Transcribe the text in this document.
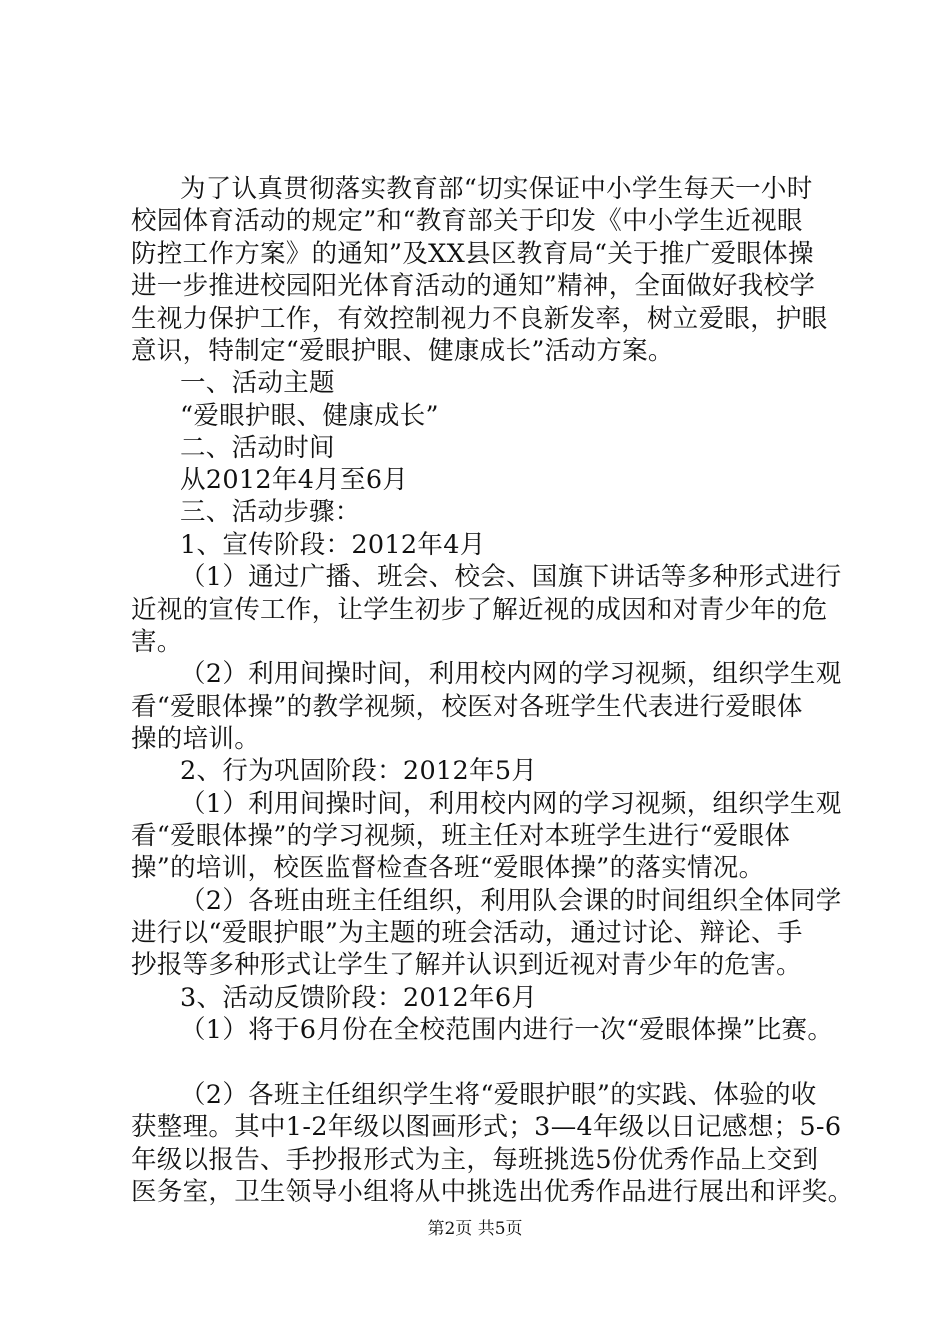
为了认真贯彻落实教育部“切实保证中小学生每天一小时
校园体育活动的规定”和“教育部关于印发《中小学生近视眼
防控工作方案》的通知”及XX县区教育局“关于推广爱眼体操
进一步推进校园阳光体育活动的通知”精神，全面做好我校学
生视力保护工作，有效控制视力不良新发率，树立爱眼，护眼
意识，特制定“爱眼护眼、健康成长”活动方案。
一、活动主题
“爱眼护眼、健康成长”
二、活动时间
从2012年4月至6月
三、活动步骤：
1、宣传阶段：2012年4月
（1）通过广播、班会、校会、国旗下讲话等多种形式进行
近视的宣传工作，让学生初步了解近视的成因和对青少年的危
害。
（2）利用间操时间，利用校内网的学习视频，组织学生观
看“爱眼体操”的教学视频，校医对各班学生代表进行爱眼体
操的培训。
2、行为巩固阶段：2012年5月
（1）利用间操时间，利用校内网的学习视频，组织学生观
看“爱眼体操”的学习视频，班主任对本班学生进行“爱眼体
操”的培训，校医监督检查各班“爱眼体操”的落实情况。
（2）各班由班主任组织，利用队会课的时间组织全体同学
进行以“爱眼护眼”为主题的班会活动，通过讨论、辩论、手
抄报等多种形式让学生了解并认识到近视对青少年的危害。
3、活动反馈阶段：2012年6月
（1）将于6月份在全校范围内进行一次“爱眼体操”比赛。
（2）各班主任组织学生将“爱眼护眼”的实践、体验的收
获整理。其中1-2年级以图画形式；3—4年级以日记感想；5-6
年级以报告、手抄报形式为主，每班挑选5份优秀作品上交到
医务室，卫生领导小组将从中挑选出优秀作品进行展出和评奖。
第2页 共5页
